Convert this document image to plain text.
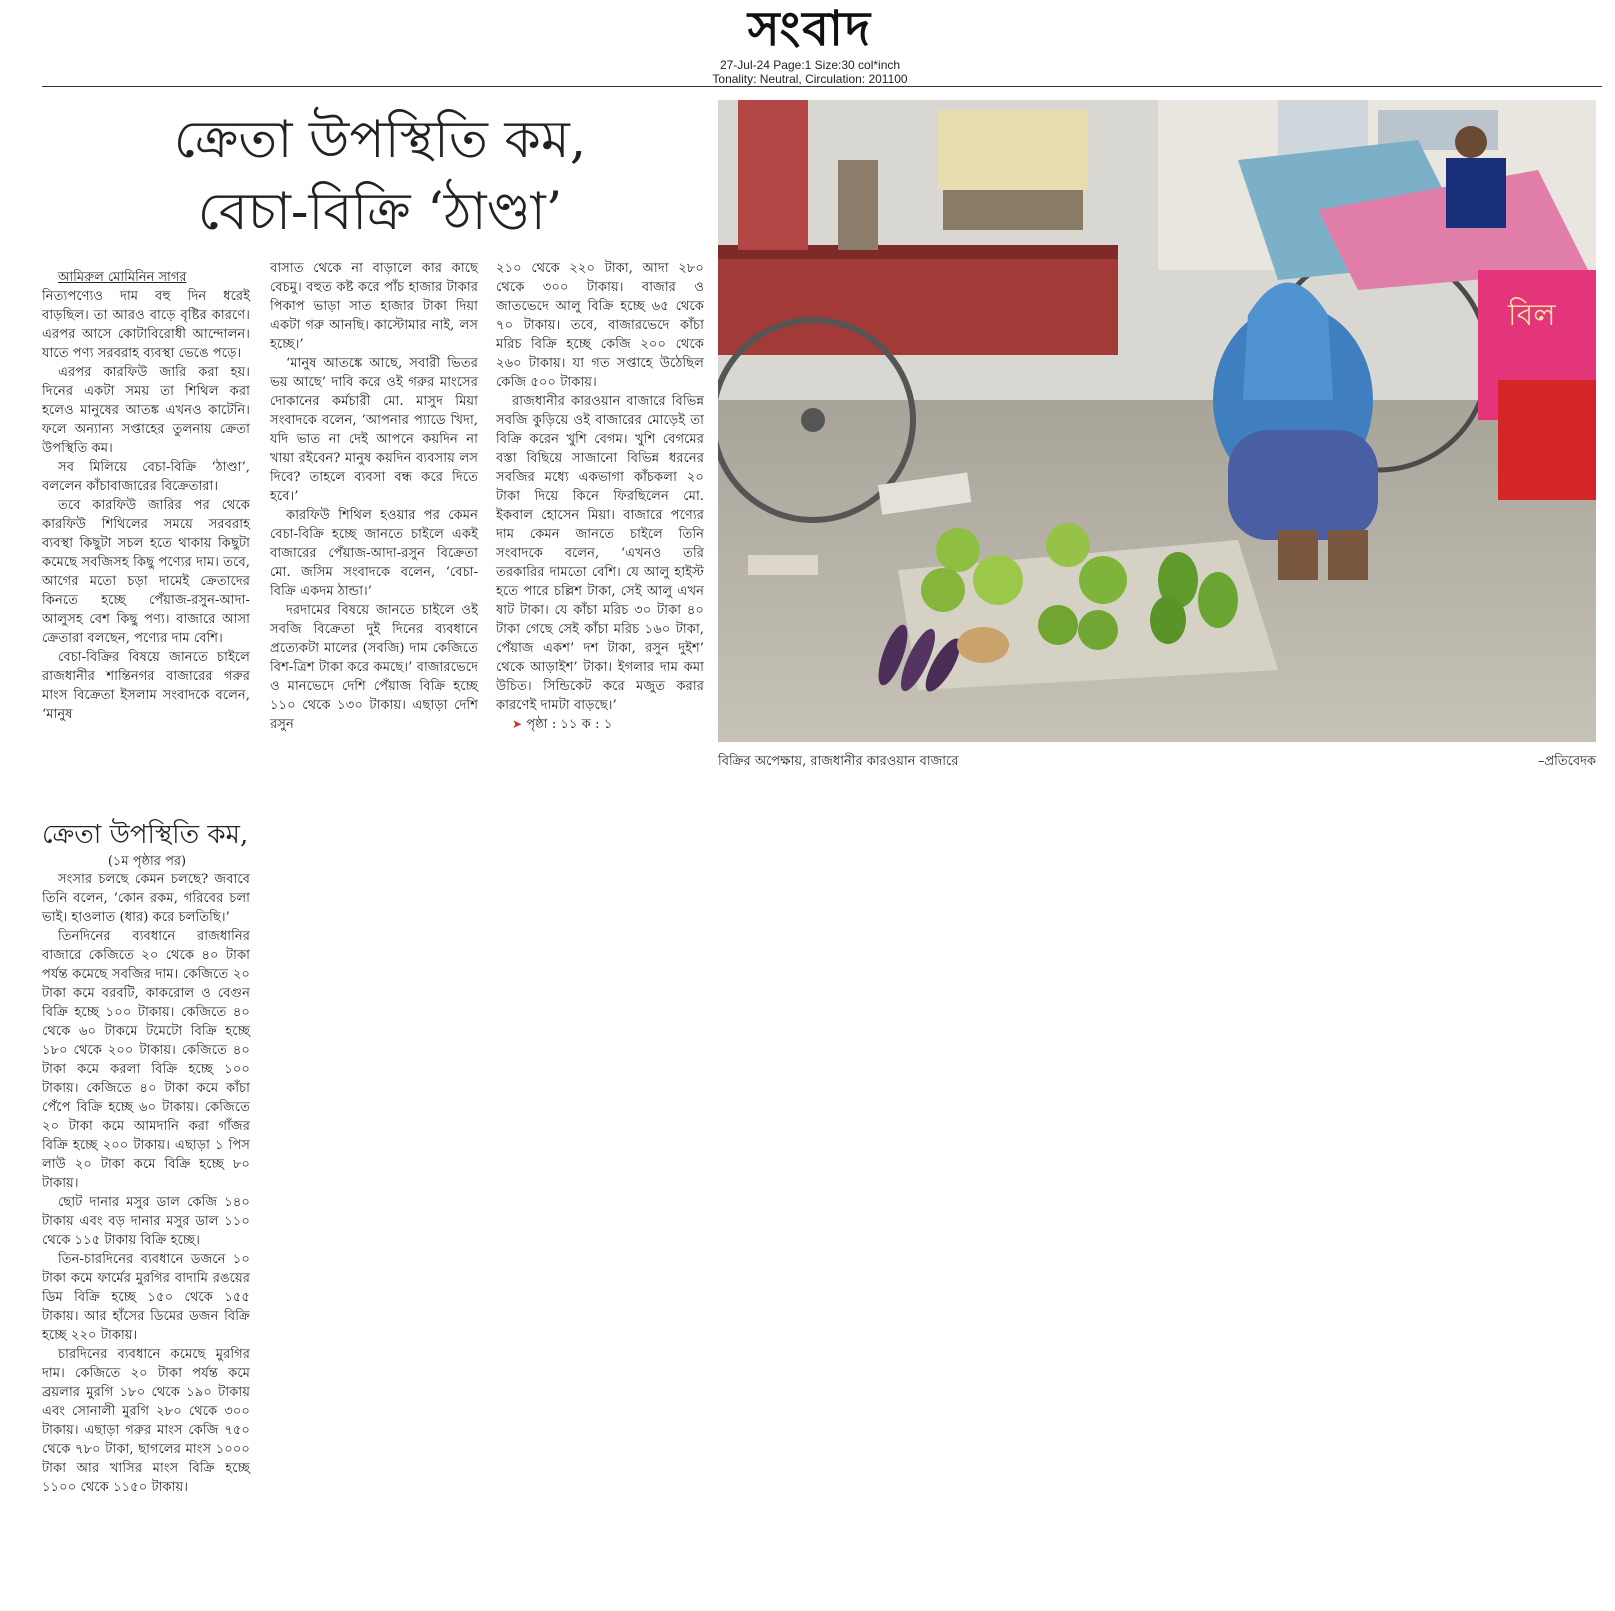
সংবাদ
27-Jul-24 Page:1 Size:30 col*inch
Tonality: Neutral, Circulation: 201100
ক্রেতা উপস্থিতি কম,
বেচা-বিক্রি ‘ঠাণ্ডা’

আমিরুল মোমিনিন সাগর

নিত্যপণ্যেও দাম বহু দিন ধরেই বাড়ছিল। তা আরও বাড়ে বৃষ্টির কারণে। এরপর আসে কোটাবিরোধী আন্দোলন। যাতে পণ্য সরবরাহ ব্যবস্থা ভেঙে পড়ে।

এরপর কারফিউ জারি করা হয়। দিনের একটা সময় তা শিথিল করা হলেও মানুষের আতঙ্ক এখনও কাটেনি। ফলে অন্যান্য সপ্তাহের তুলনায় ক্রেতা উপস্থিতি কম।

সব মিলিয়ে বেচা-বিক্রি ‘ঠাণ্ডা’, বললেন কাঁচাবাজারের বিক্রেতারা।

তবে কারফিউ জারির পর থেকে কারফিউ শিথিলের সময়ে সরবরাহ ব্যবস্থা কিছুটা সচল হতে থাকায় কিছুটা কমেছে সবজিসহ কিছু পণ্যের দাম। তবে, আগের মতো চড়া দামেই ক্রেতাদের কিনতে হচ্ছে পেঁয়াজ-রসুন-আদা-আলুসহ বেশ কিছু পণ্য। বাজারে আসা ক্রেতারা বলছেন, পণ্যের দাম বেশি।

বেচা-বিক্রির বিষয়ে জানতে চাইলে রাজধানীর শান্তিনগর বাজারের গরুর মাংস বিক্রেতা ইসলাম সংবাদকে বলেন, ‘মানুষ

বাসাত থেকে না বাড়ালে কার কাছে বেচমু। বহুত কষ্ট করে পাঁচ হাজার টাকার পিকাপ ভাড়া সাত হাজার টাকা দিয়া একটা গরু আনছি। কাস্টোমার নাই, লস হচ্ছে।’

‘মানুষ আতঙ্কে আছে, সবারী ভিতর ভয় আছে’ দাবি করে ওই গরুর মাংসের দোকানের কর্মচারী মো. মাসুদ মিয়া সংবাদকে বলেন, ‘আপনার প্যাডে খিদা, যদি ভাত না দেই আপনে কয়দিন না খায়া রইবেন? মানুষ কয়দিন ব্যবসায় লস দিবে? তাহলে ব্যবসা বন্ধ করে দিতে হবে।’

কারফিউ শিথিল হওয়ার পর কেমন বেচা-বিক্রি হচ্ছে জানতে চাইলে একই বাজারের পেঁয়াজ-আদা-রসুন বিক্রেতা মো. জসিম সংবাদকে বলেন, ‘বেচা-বিক্রি একদম ঠান্ডা।’

দরদামের বিষয়ে জানতে চাইলে ওই সবজি বিক্রেতা দুই দিনের ব্যবধানে প্রত্যেকটা মালের (সবজি) দাম কেজিতে বিশ-ত্রিশ টাকা করে কমছে।’ বাজারভেদে ও মানভেদে দেশি পেঁয়াজ বিক্রি হচ্ছে ১১০ থেকে ১৩০ টাকায়। এছাড়া দেশি রসুন

২১০ থেকে ২২০ টাকা, আদা ২৮০ থেকে ৩০০ টাকায়। বাজার ও জাতভেদে আলু বিক্রি হচ্ছে ৬৫ থেকে ৭০ টাকায়। তবে, বাজারভেদে কাঁচা মরিচ বিক্রি হচ্ছে কেজি ২০০ থেকে ২৬০ টাকায়। যা গত সপ্তাহে উঠেছিল কেজি ৫০০ টাকায়।

রাজধানীর কারওয়ান বাজারে বিভিন্ন সবজি কুড়িয়ে ওই বাজারের মোড়েই তা বিক্রি করেন খুশি বেগম। খুশি বেগমের বস্তা বিছিয়ে সাজানো বিভিন্ন ধরনের সবজির মধ্যে একভাগা কাঁচকলা ২০ টাকা দিয়ে কিনে ফিরছিলেন মো. ইকবাল হোসেন মিয়া। বাজারে পণ্যের দাম কেমন জানতে চাইলে তিনি সংবাদকে বলেন, ‘এখনও তরি তরকারির দামতো বেশি। যে আলু হাইস্ট হতে পারে চল্লিশ টাকা, সেই আলু এখন ষাট টাকা। যে কাঁচা মরিচ ৩০ টাকা ৪০ টাকা গেছে সেই কাঁচা মরিচ ১৬০ টাকা, পেঁয়াজ একশ’ দশ টাকা, রসুন দুইশ’ থেকে আড়াইশ’ টাকা। ইগলার দাম কমা উচিত। সিন্ডিকেট করে মজুত করার কারণেই দামটা বাড়ছে।’

➤ পৃষ্ঠা : ১১ ক : ১

বিল
বিক্রির অপেক্ষায়, রাজধানীর কারওয়ান বাজারে	–প্রতিবেদক
ক্রেতা উপস্থিতি কম,
(১ম পৃষ্ঠার পর)

সংসার চলছে কেমন চলছে? জবাবে তিনি বলেন, ‘কোন রকম, গরিবের চলা ভাই। হাওলাত (ধার) করে চলতিছি।’

তিনদিনের ব্যবধানে রাজধানির বাজারে কেজিতে ২০ থেকে ৪০ টাকা পর্যন্ত কমেছে সবজির দাম। কেজিতে ২০ টাকা কমে বরবটি, কাকরোল ও বেগুন বিক্রি হচ্ছে ১০০ টাকায়। কেজিতে ৪০ থেকে ৬০ টাকমে টমেটো বিক্রি হচ্ছে ১৮০ থেকে ২০০ টাকায়। কেজিতে ৪০ টাকা কমে করলা বিক্রি হচ্ছে ১০০ টাকায়। কেজিতে ৪০ টাকা কমে কাঁচা পেঁপে বিক্রি হচ্ছে ৬০ টাকায়। কেজিতে ২০ টাকা কমে আমদানি করা গাঁজর বিক্রি হচ্ছে ২০০ টাকায়। এছাড়া ১ পিস লাউ ২০ টাকা কমে বিক্রি হচ্ছে ৮০ টাকায়।

ছোট দানার মসুর ডাল কেজি ১৪০ টাকায় এবং বড় দানার মসুর ডাল ১১০ থেকে ১১৫ টাকায় বিক্রি হচ্ছে।

তিন-চারদিনের ব্যবধানে ডজনে ১০ টাকা কমে ফার্মের মুরগির বাদামি রঙয়ের ডিম বিক্রি হচ্ছে ১৫০ থেকে ১৫৫ টাকায়। আর হাঁসের ডিমের ডজন বিক্রি হচ্ছে ২২০ টাকায়।

চারদিনের ব্যবধানে কমেছে মুরগির দাম। কেজিতে ২০ টাকা পর্যন্ত কমে ব্রয়লার মুরগি ১৮০ থেকে ১৯০ টাকায় এবং সোনালী মুরগি ২৮০ থেকে ৩০০ টাকায়। এছাড়া গরুর মাংস কেজি ৭৫০ থেকে ৭৮০ টাকা, ছাগলের মাংস ১০০০ টাকা আর খাসির মাংস বিক্রি হচ্ছে ১১০০ থেকে ১১৫০ টাকায়।
